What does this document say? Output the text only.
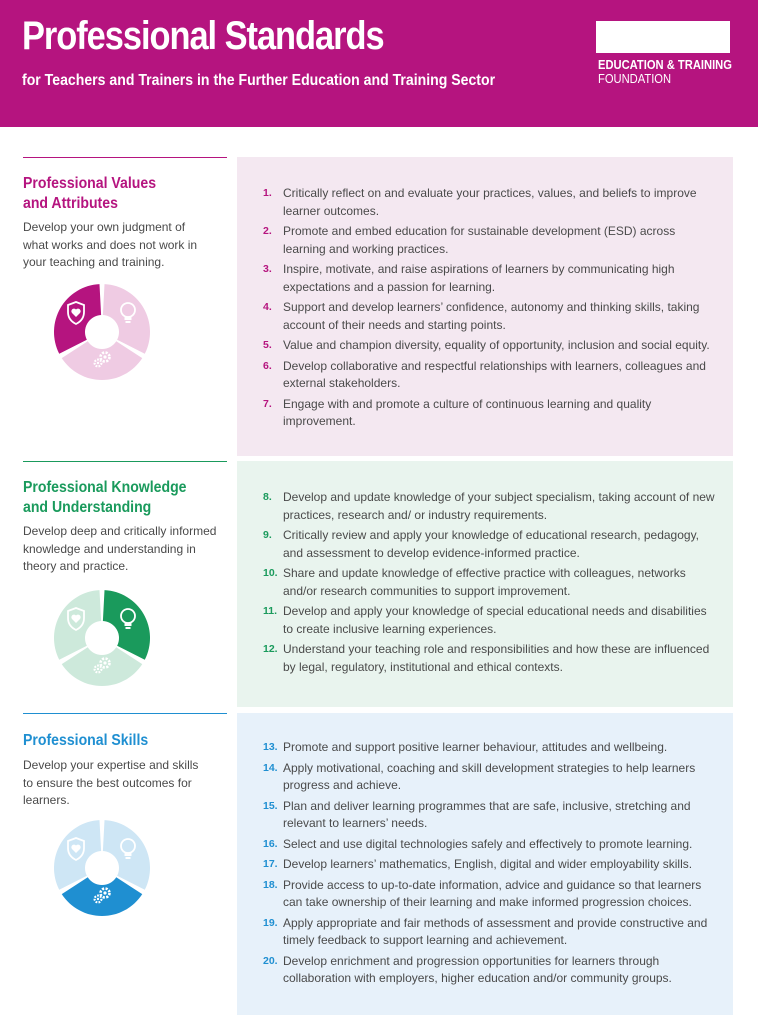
Professional Standards
for Teachers and Trainers in the Further Education and Training Sector
EDUCATION & TRAINING
FOUNDATION
Professional Values
and Attributes
Develop your own judgment of what works and does not work in your teaching and training.
1. Critically reflect on and evaluate your practices, values, and beliefs to improve learner outcomes.
2. Promote and embed education for sustainable development (ESD) across learning and working practices.
3. Inspire, motivate, and raise aspirations of learners by communicating high expectations and a passion for learning.
4. Support and develop learners’ confidence, autonomy and thinking skills, taking account of their needs and starting points.
5. Value and champion diversity, equality of opportunity, inclusion and social equity.
6. Develop collaborative and respectful relationships with learners, colleagues and external stakeholders.
7. Engage with and promote a culture of continuous learning and quality improvement.
Professional Knowledge
and Understanding
Develop deep and critically informed knowledge and understanding in theory and practice.
8. Develop and update knowledge of your subject specialism, taking account of new practices, research and/ or industry requirements.
9. Critically review and apply your knowledge of educational research, pedagogy, and assessment to develop evidence-informed practice.
10. Share and update knowledge of effective practice with colleagues, networks and/or research communities to support improvement.
11. Develop and apply your knowledge of special educational needs and disabilities to create inclusive learning experiences.
12. Understand your teaching role and responsibilities and how these are influenced by legal, regulatory, institutional and ethical contexts.
Professional Skills
Develop your expertise and skills to ensure the best outcomes for learners.
13. Promote and support positive learner behaviour, attitudes and wellbeing.
14. Apply motivational, coaching and skill development strategies to help learners progress and achieve.
15. Plan and deliver learning programmes that are safe, inclusive, stretching and relevant to learners’ needs.
16. Select and use digital technologies safely and effectively to promote learning.
17. Develop learners’ mathematics, English, digital and wider employability skills.
18. Provide access to up-to-date information, advice and guidance so that learners can take ownership of their learning and make informed progression choices.
19. Apply appropriate and fair methods of assessment and provide constructive and timely feedback to support learning and achievement.
20. Develop enrichment and progression opportunities for learners through collaboration with employers, higher education and/or community groups.
